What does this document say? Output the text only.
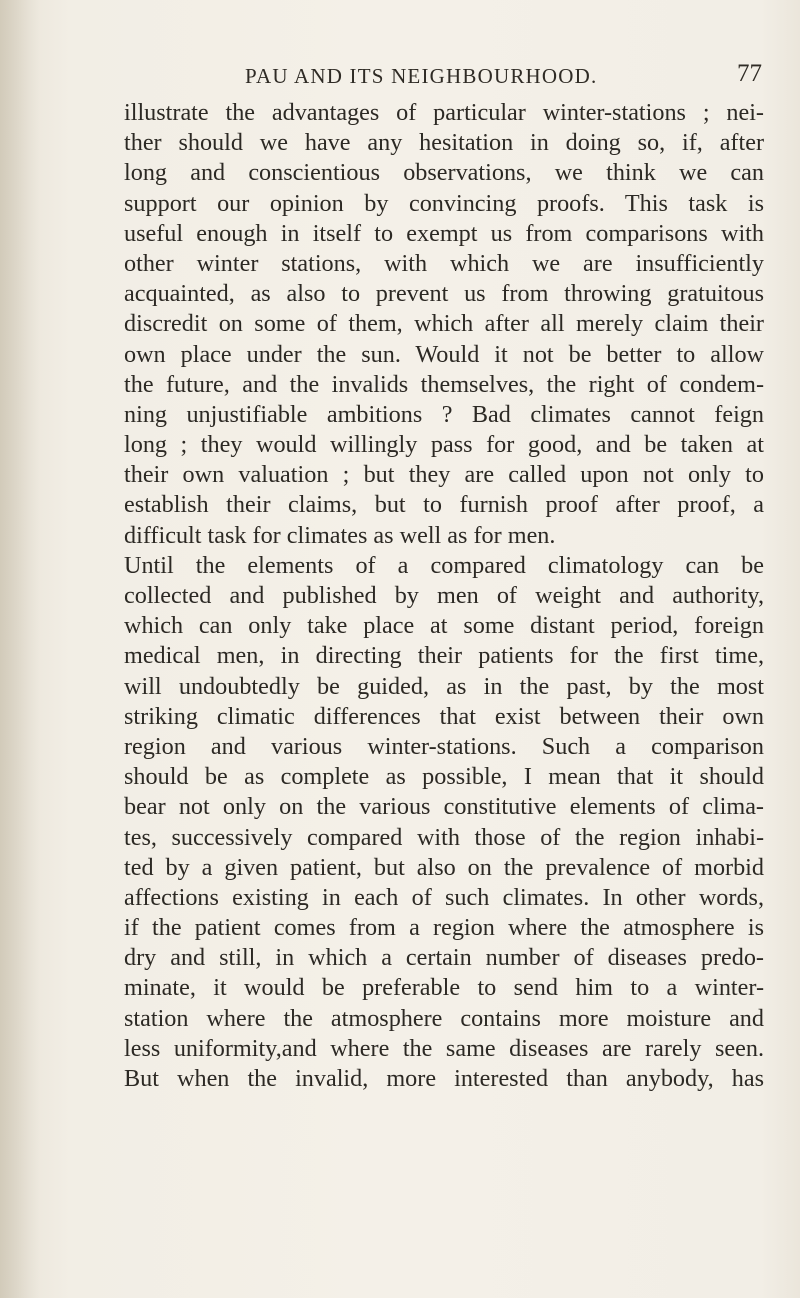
PAU AND ITS NEIGHBOURHOOD.	77
illustrate the advantages of particular winter-stations ; nei-
ther should we have any hesitation in doing so, if, after
long and conscientious observations, we think we can
support our opinion by convincing proofs. This task is
useful enough in itself to exempt us from comparisons with
other winter stations, with which we are insufficiently
acquainted, as also to prevent us from throwing gratuitous
discredit on some of them, which after all merely claim their
own place under the sun. Would it not be better to allow
the future, and the invalids themselves, the right of condem-
ning unjustifiable ambitions ? Bad climates cannot feign
long ; they would willingly pass for good, and be taken at
their own valuation ; but they are called upon not only to
establish their claims, but to furnish proof after proof, a
difficult task for climates as well as for men.
Until the elements of a compared climatology can be
collected and published by men of weight and authority,
which can only take place at some distant period, foreign
medical men, in directing their patients for the first time,
will undoubtedly be guided, as in the past, by the most
striking climatic differences that exist between their own
region and various winter-stations. Such a comparison
should be as complete as possible, I mean that it should
bear not only on the various constitutive elements of clima-
tes, successively compared with those of the region inhabi-
ted by a given patient, but also on the prevalence of morbid
affections existing in each of such climates. In other words,
if the patient comes from a region where the atmosphere is
dry and still, in which a certain number of diseases predo-
minate, it would be preferable to send him to a winter-
station where the atmosphere contains more moisture and
less uniformity,and where the same diseases are rarely seen.
But when the invalid, more interested than anybody, has
